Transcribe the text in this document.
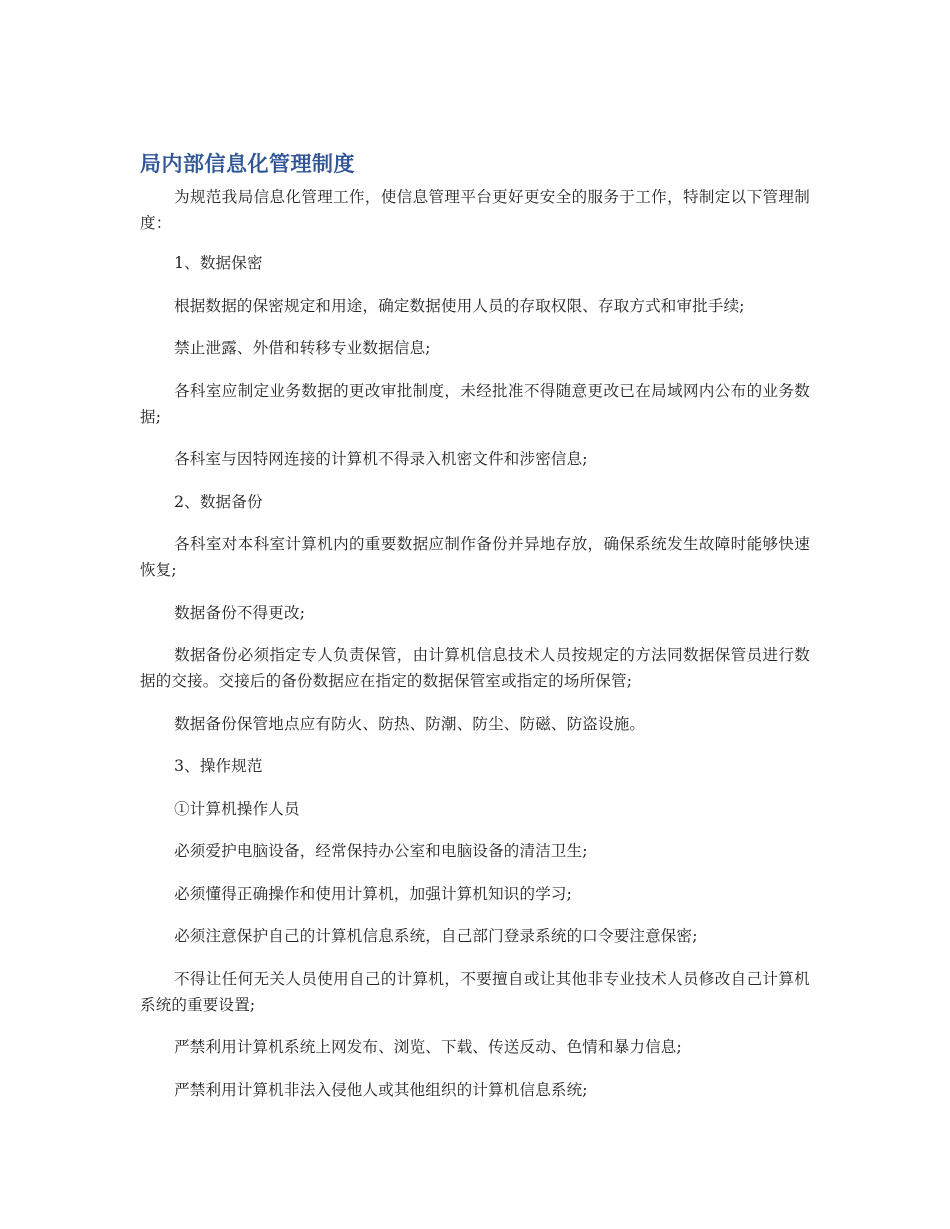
局内部信息化管理制度

为规范我局信息化管理工作，使信息管理平台更好更安全的服务于工作，特制定以下管理制度：

1、数据保密

根据数据的保密规定和用途，确定数据使用人员的存取权限、存取方式和审批手续;

禁止泄露、外借和转移专业数据信息;

各科室应制定业务数据的更改审批制度，未经批准不得随意更改已在局域网内公布的业务数据;

各科室与因特网连接的计算机不得录入机密文件和涉密信息;

2、数据备份

各科室对本科室计算机内的重要数据应制作备份并异地存放，确保系统发生故障时能够快速恢复;

数据备份不得更改;

数据备份必须指定专人负责保管，由计算机信息技术人员按规定的方法同数据保管员进行数据的交接。交接后的备份数据应在指定的数据保管室或指定的场所保管;

数据备份保管地点应有防火、防热、防潮、防尘、防磁、防盗设施。

3、操作规范

①计算机操作人员

必须爱护电脑设备，经常保持办公室和电脑设备的清洁卫生;

必须懂得正确操作和使用计算机，加强计算机知识的学习;

必须注意保护自己的计算机信息系统，自己部门登录系统的口令要注意保密;

不得让任何无关人员使用自己的计算机，不要擅自或让其他非专业技术人员修改自己计算机系统的重要设置;

严禁利用计算机系统上网发布、浏览、下载、传送反动、色情和暴力信息;

严禁利用计算机非法入侵他人或其他组织的计算机信息系统;
